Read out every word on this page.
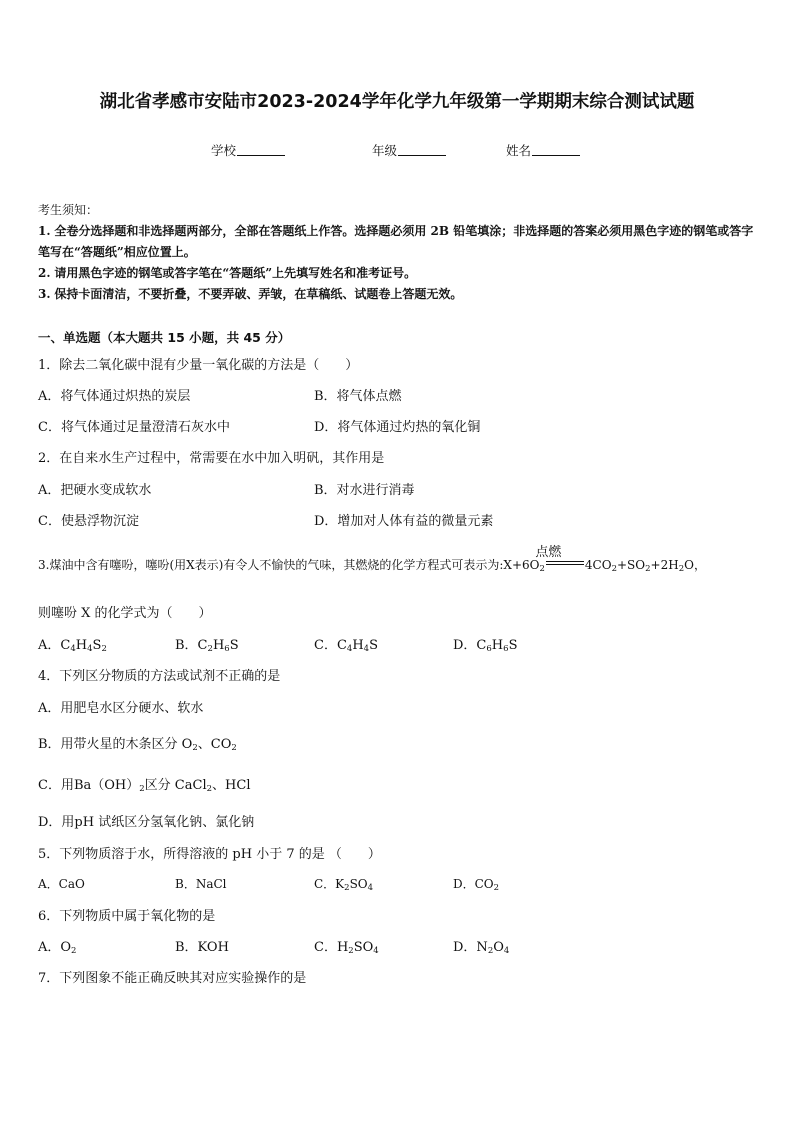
湖北省孝感市安陆市2023-2024学年化学九年级第一学期期末综合测试试题
学校	年级	姓名
考生须知：
1. 全卷分选择题和非选择题两部分，全部在答题纸上作答。选择题必须用 2B 铅笔填涂；非选择题的答案必须用黑色字迹的钢笔或答字笔写在“答题纸”相应位置上。
2. 请用黑色字迹的钢笔或答字笔在“答题纸”上先填写姓名和准考证号。
3. 保持卡面清洁，不要折叠，不要弄破、弄皱，在草稿纸、试题卷上答题无效。
一、单选题（本大题共 15 小题，共 45 分）
1．除去二氧化碳中混有少量一氧化碳的方法是（　　）
A．将气体通过炽热的炭层	B．将气体点燃
C．将气体通过足量澄清石灰水中	D．将气体通过灼热的氧化铜
2．在自来水生产过程中，常需要在水中加入明矾，其作用是
A．把硬水变成软水	B．对水进行消毒
C．使悬浮物沉淀	D．增加对人体有益的微量元素
3.煤油中含有噻吩，噻吩(用X表示)有令人不愉快的气味，其燃烧的化学方程式可表示为$:X+6O_2$
点燃
$4CO_2+SO_2+2H_2O$，
则噻吩 X 的化学式为（　　）
A．$C_4H_4S_2$	B．$C_2H_6S$	C．$C_4H_4S$	D．$C_6H_6S$
4．下列区分物质的方法或试剂不正确的是
A．用肥皂水区分硬水、软水
B．用带火星的木条区分 $O_2$、$CO_2$
C．用$Ba(OH)_2$区分 CaCl$_2$、HCl
D．用pH 试纸区分氢氧化钠、氯化钠
5．下列物质溶于水，所得溶液的 pH 小于 7 的是 （　　）
A．CaO	B．NaCl	C．$K_2SO_4$	D．$CO_2$
6．下列物质中属于氧化物的是
A．$O_2$	B．KOH	C．$H_2SO_4$	D．$N_2O_4$
7．下列图象不能正确反映其对应实验操作的是
